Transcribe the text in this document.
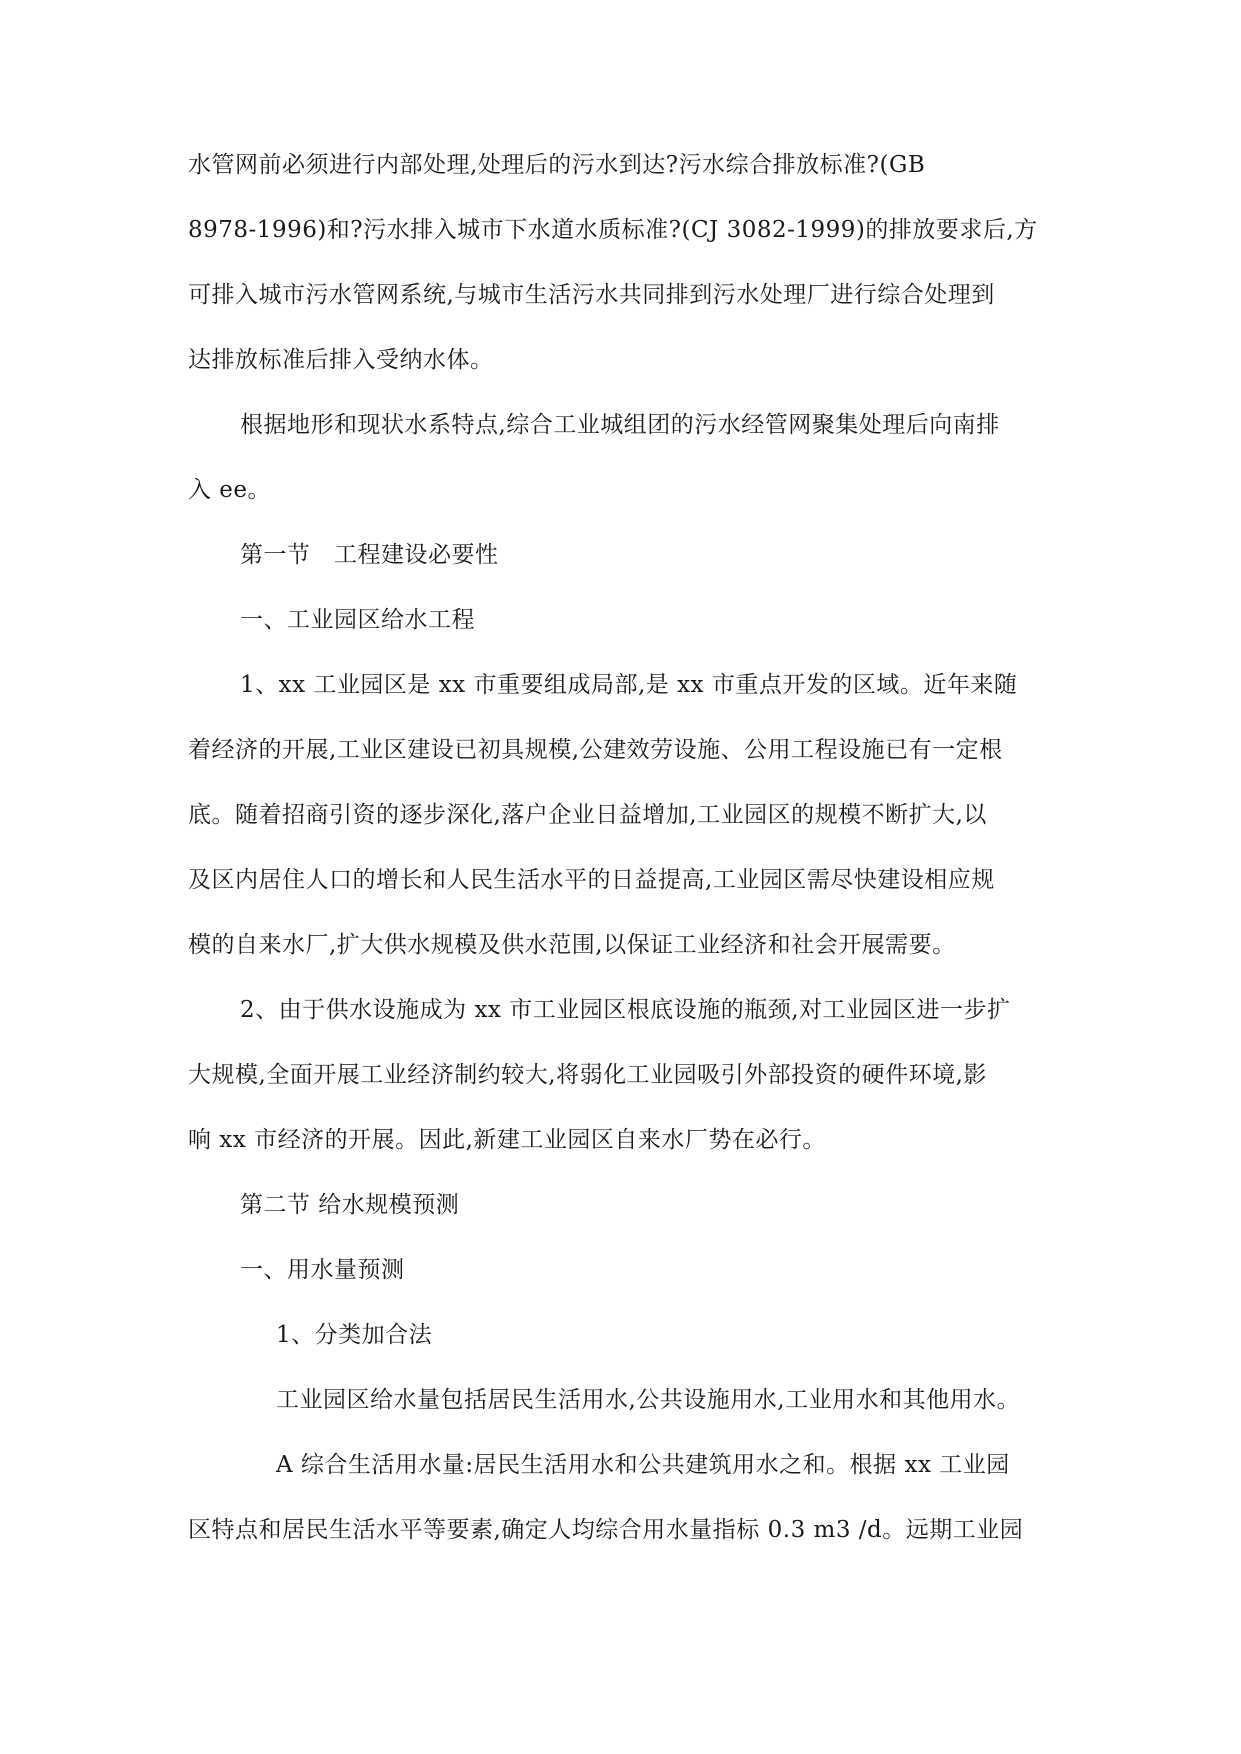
水管网前必须进行内部处理,处理后的污水到达?污水综合排放标准?(GB
8978-1996)和?污水排入城市下水道水质标准?(CJ 3082-1999)的排放要求后,方
可排入城市污水管网系统,与城市生活污水共同排到污水处理厂进行综合处理到
达排放标准后排入受纳水体。
根据地形和现状水系特点,综合工业城组团的污水经管网聚集处理后向南排
入 ee。
第一节　工程建设必要性
一、工业园区给水工程
1、xx 工业园区是 xx 市重要组成局部,是 xx 市重点开发的区域。近年来随
着经济的开展,工业区建设已初具规模,公建效劳设施、公用工程设施已有一定根
底。随着招商引资的逐步深化,落户企业日益增加,工业园区的规模不断扩大,以
及区内居住人口的增长和人民生活水平的日益提高,工业园区需尽快建设相应规
模的自来水厂,扩大供水规模及供水范围,以保证工业经济和社会开展需要。
2、由于供水设施成为 xx 市工业园区根底设施的瓶颈,对工业园区进一步扩
大规模,全面开展工业经济制约较大,将弱化工业园吸引外部投资的硬件环境,影
响 xx 市经济的开展。因此,新建工业园区自来水厂势在必行。
第二节 给水规模预测
一、用水量预测
1、分类加合法
工业园区给水量包括居民生活用水,公共设施用水,工业用水和其他用水。
A 综合生活用水量:居民生活用水和公共建筑用水之和。根据 xx 工业园
区特点和居民生活水平等要素,确定人均综合用水量指标 0.3 m3 /d。远期工业园
